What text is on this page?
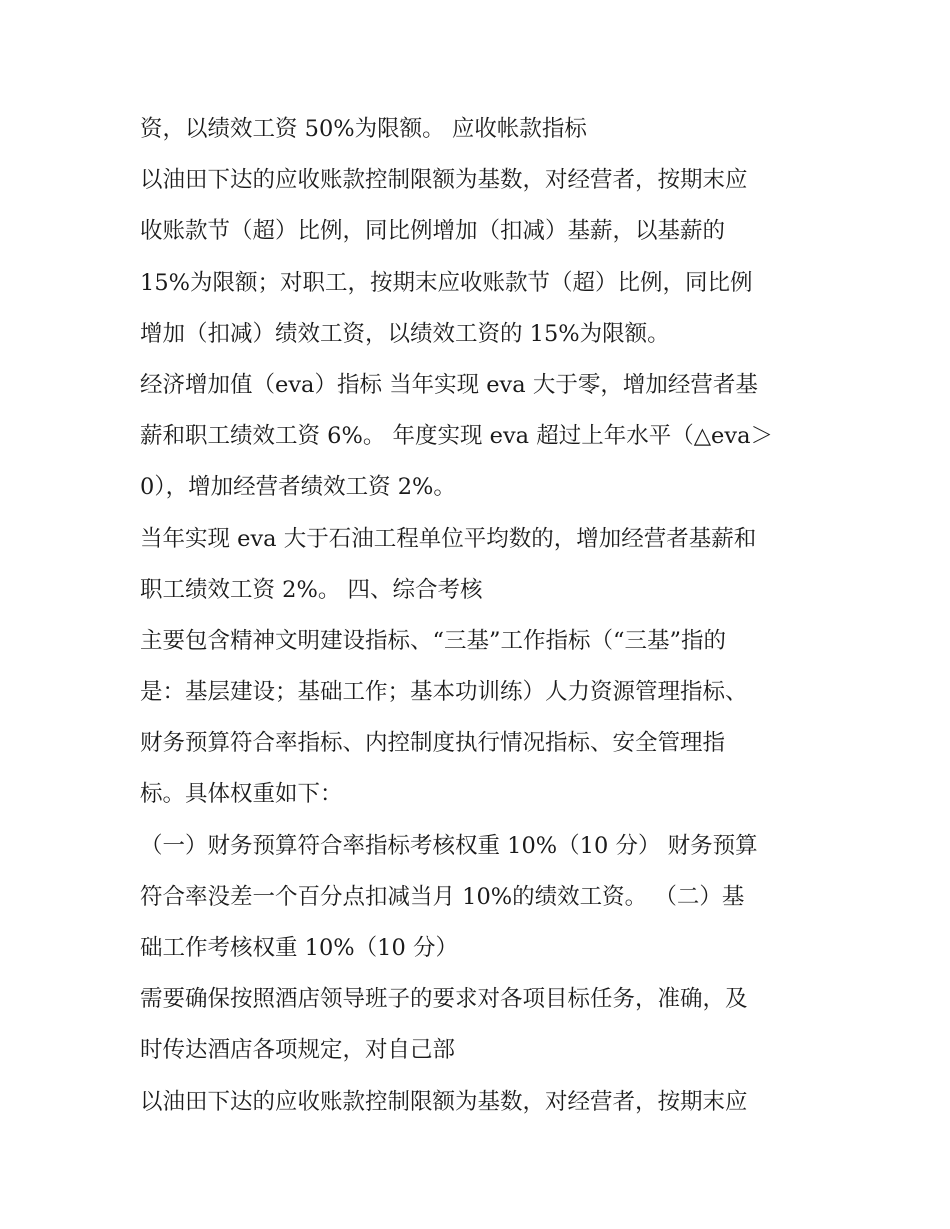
资，以绩效工资 50%为限额。 应收帐款指标
以油田下达的应收账款控制限额为基数，对经营者，按期末应
收账款节（超）比例，同比例增加（扣减）基薪，以基薪的
15%为限额；对职工，按期末应收账款节（超）比例，同比例
增加（扣减）绩效工资，以绩效工资的 15%为限额。
经济增加值（eva）指标 当年实现 eva 大于零，增加经营者基
薪和职工绩效工资 6%。 年度实现 eva 超过上年水平（△eva＞
0），增加经营者绩效工资 2%。
当年实现 eva 大于石油工程单位平均数的，增加经营者基薪和
职工绩效工资 2%。 四、综合考核
主要包含精神文明建设指标、“三基”工作指标（“三基”指的
是：基层建设；基础工作；基本功训练）人力资源管理指标、
财务预算符合率指标、内控制度执行情况指标、安全管理指
标。具体权重如下：
（一）财务预算符合率指标考核权重 10%（10 分） 财务预算
符合率没差一个百分点扣减当月 10%的绩效工资。 （二）基
础工作考核权重 10%（10 分）
需要确保按照酒店领导班子的要求对各项目标任务，准确，及
时传达酒店各项规定，对自己部
以油田下达的应收账款控制限额为基数，对经营者，按期末应
